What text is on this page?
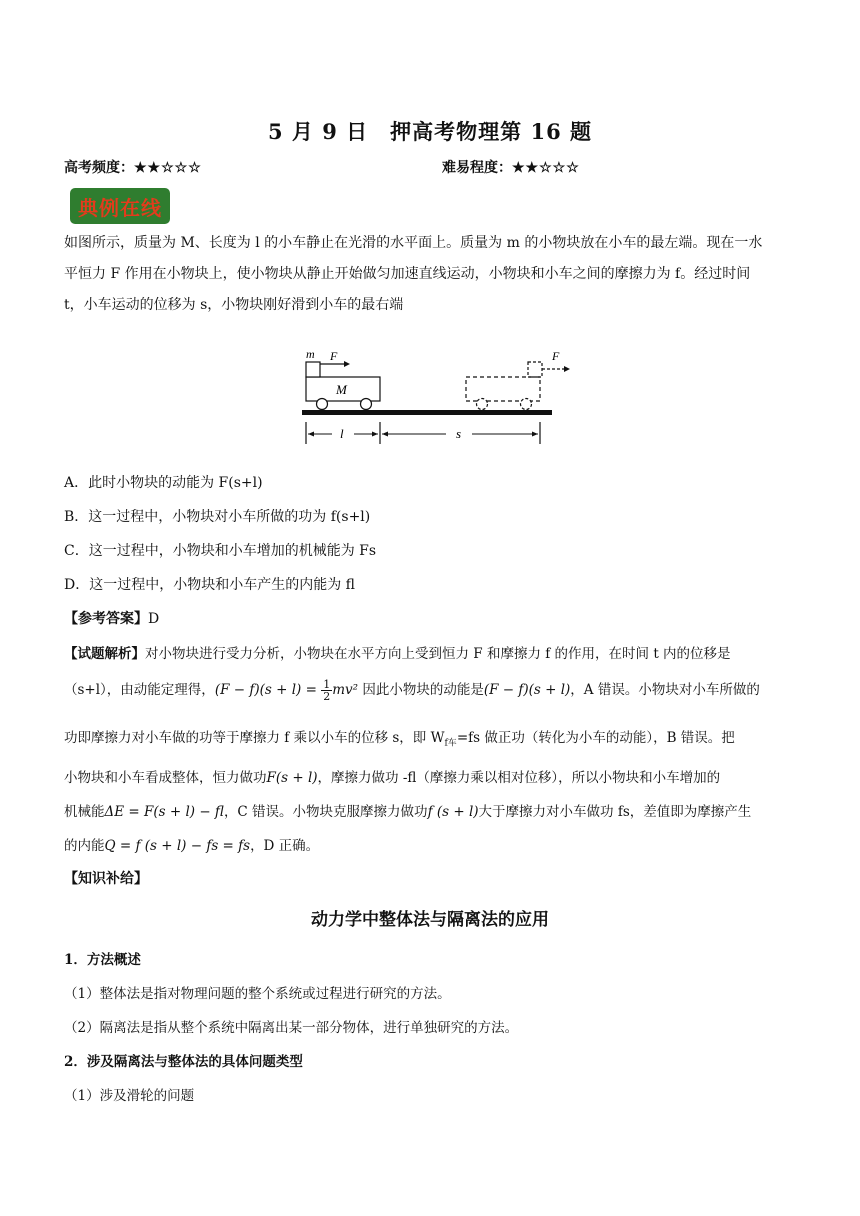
5 月 9 日　押高考物理第 16 题
高考频度：★★☆☆☆	难易程度：★★☆☆☆
典例在线
如图所示，质量为 M、长度为 l 的小车静止在光滑的水平面上。质量为 m 的小物块放在小车的最左端。现在一水
平恒力 F 作用在小物块上，使小物块从静止开始做匀加速直线运动，小物块和小车之间的摩擦力为 f。经过时间
t，小车运动的位移为 s，小物块刚好滑到小车的最右端
m F
M
F
l	s
A．此时小物块的动能为 F(s+l)
B．这一过程中，小物块对小车所做的功为 f(s+l)
C．这一过程中，小物块和小车增加的机械能为 Fs
D．这一过程中，小物块和小车产生的内能为 fl
【参考答案】D
【试题解析】对小物块进行受力分析，小物块在水平方向上受到恒力 F 和摩擦力 f 的作用，在时间 t 内的位移是
（s+l），由动能定理得，$(F - f)(s + l) = \frac{1}{2} mv^2$ 因此小物块的动能是(F − f)(s + l)，A 错误。小物块对小车所做的
功即摩擦力对小车做的功等于摩擦力 f 乘以小车的位移 s，即 $W_{f车}=fs$ 做正功（转化为小车的动能），B 错误。把
小物块和小车看成整体，恒力做功F(s + l)，摩擦力做功 -fl（摩擦力乘以相对位移），所以小物块和小车增加的
机械能ΔE = F(s + l) − fl，C 错误。小物块克服摩擦力做功f (s + l)大于摩擦力对小车做功 fs，差值即为摩擦产生
的内能Q = f (s + l) − fs = fs，D 正确。
【知识补给】
动力学中整体法与隔离法的应用
1．方法概述
（1）整体法是指对物理问题的整个系统或过程进行研究的方法。
（2）隔离法是指从整个系统中隔离出某一部分物体，进行单独研究的方法。
2．涉及隔离法与整体法的具体问题类型
（1）涉及滑轮的问题
